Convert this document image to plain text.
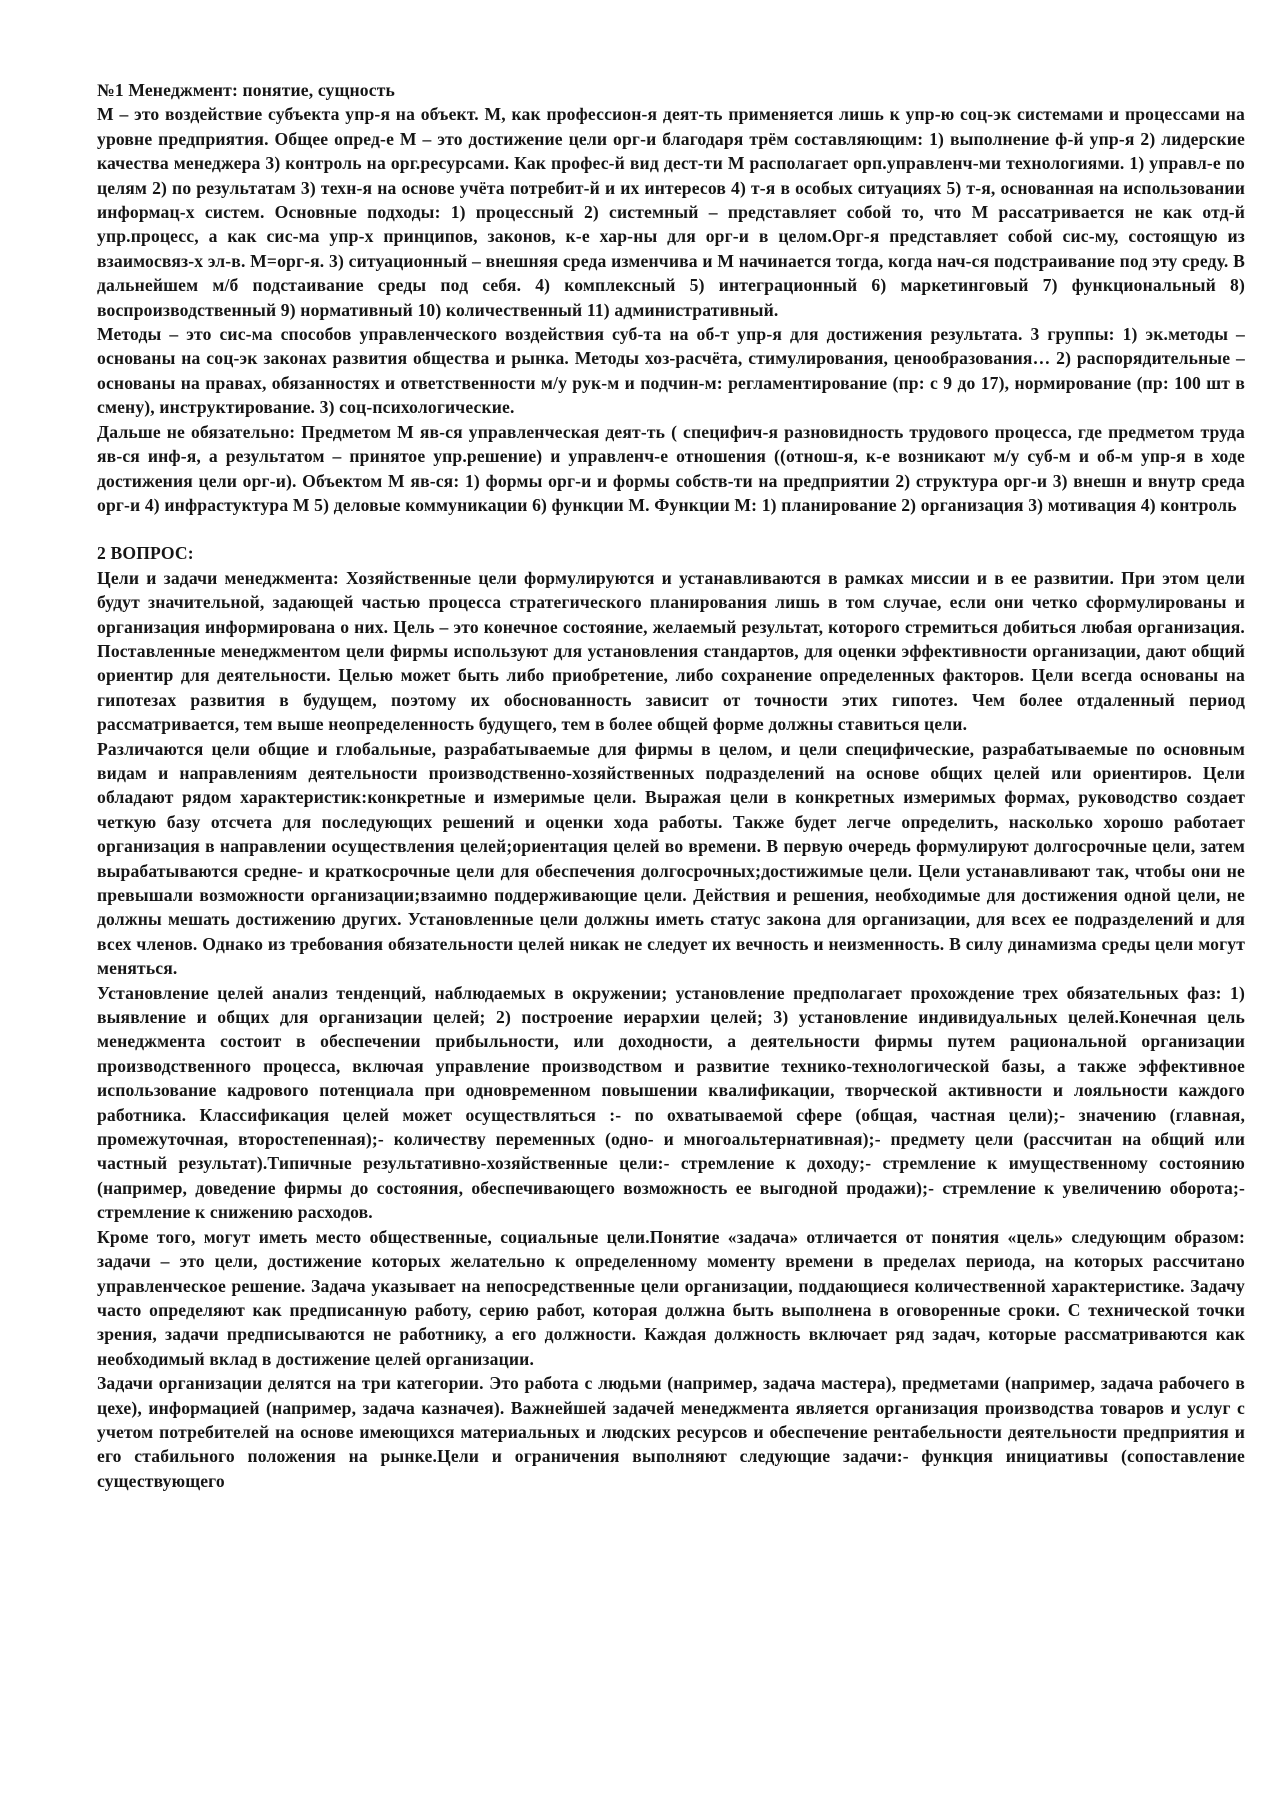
№1 Менеджмент: понятие, сущность

М – это воздействие субъекта упр-я на объект. М, как профессион-я деят-ть применяется лишь к упр-ю соц-эк системами и процессами на уровне предприятия. Общее опред-е М – это достижение цели орг-и благодаря трём составляющим: 1) выполнение ф-й упр-я 2) лидерские качества менеджера 3) контроль на орг.ресурсами. Как профес-й вид дест-ти М располагает орп.управленч-ми технологиями. 1) управл-е по целям 2) по результатам 3) техн-я на основе учёта потребит-й и их интересов 4) т-я в особых ситуациях 5) т-я, основанная на использовании информац-х систем. Основные подходы: 1) процессный 2) системный – представляет собой то, что М рассатривается не как отд-й упр.процесс, а как сис-ма упр-х принципов, законов, к-е хар-ны для орг-и в целом.Орг-я представляет собой сис-му, состоящую из взаимосвяз-х эл-в. М=орг-я. 3) ситуационный – внешняя среда изменчива и М начинается тогда, когда нач-ся подстраивание под эту среду. В дальнейшем м/б подстаивание среды под себя. 4) комплексный 5) интеграционный 6) маркетинговый 7) функциональный 8) воспроизводственный 9) нормативный 10) количественный 11) административный.

Методы – это сис-ма способов управленческого воздействия суб-та на об-т упр-я для достижения результата. 3 группы: 1) эк.методы – основаны на соц-эк законах развития общества и рынка. Методы хоз-расчёта, стимулирования, ценообразования… 2) распорядительные – основаны на правах, обязанностях и ответственности м/у рук-м и подчин-м: регламентирование (пр: с 9 до 17), нормирование (пр: 100 шт в смену), инструктирование. 3) соц-психологические.

Дальше не обязательно: Предметом М яв-ся управленческая деят-ть ( специфич-я разновидность трудового процесса, где предметом труда яв-ся инф-я, а результатом – принятое упр.решение) и управленч-е отношения ((отнош-я, к-е возникают м/у суб-м и об-м упр-я в ходе достижения цели орг-и). Объектом М яв-ся: 1) формы орг-и и формы собств-ти на предприятии 2) структура орг-и 3) внешн и внутр среда орг-и 4) инфрастуктура М 5) деловые коммуникации 6) функции М. Функции М: 1) планирование 2) организация 3) мотивация 4) контроль

2 ВОПРОС:

Цели и задачи менеджмента: Хозяйственные цели формулируются и устанавливаются в рамках миссии и в ее развитии. При этом цели будут значительной, задающей частью процесса стратегического планирования лишь в том случае, если они четко сформулированы и организация информирована о них. Цель – это конечное состояние, желаемый результат, которого стремиться добиться любая организация. Поставленные менеджментом цели фирмы используют для установления стандартов, для оценки эффективности организации, дают общий ориентир для деятельности. Целью может быть либо приобретение, либо сохранение определенных факторов. Цели всегда основаны на гипотезах развития в будущем, поэтому их обоснованность зависит от точности этих гипотез. Чем более отдаленный период рассматривается, тем выше неопределенность будущего, тем в более общей форме должны ставиться цели.

Различаются цели общие и глобальные, разрабатываемые для фирмы в целом, и цели специфические, разрабатываемые по основным видам и направлениям деятельности производственно-хозяйственных подразделений на основе общих целей или ориентиров. Цели обладают рядом характеристик:конкретные и измеримые цели. Выражая цели в конкретных измеримых формах, руководство создает четкую базу отсчета для последующих решений и оценки хода работы. Также будет легче определить, насколько хорошо работает организация в направлении осуществления целей;ориентация целей во времени. В первую очередь формулируют долгосрочные цели, затем вырабатываются средне- и краткосрочные цели для обеспечения долгосрочных;достижимые цели. Цели устанавливают так, чтобы они не превышали возможности организации;взаимно поддерживающие цели. Действия и решения, необходимые для достижения одной цели, не должны мешать достижению других. Установленные цели должны иметь статус закона для организации, для всех ее подразделений и для всех членов. Однако из требования обязательности целей никак не следует их вечность и неизменность. В силу динамизма среды цели могут меняться.

Установление целей анализ тенденций, наблюдаемых в окружении; установление предполагает прохождение трех обязательных фаз: 1) выявление и общих для организации целей; 2) построение иерархии целей; 3) установление индивидуальных целей.Конечная цель менеджмента состоит в обеспечении прибыльности, или доходности, а деятельности фирмы путем рациональной организации производственного процесса, включая управление производством и развитие технико-технологической базы, а также эффективное использование кадрового потенциала при одновременном повышении квалификации, творческой активности и лояльности каждого работника. Классификация целей может осуществляться :- по охватываемой сфере (общая, частная цели);- значению (главная, промежуточная, второстепенная);- количеству переменных (одно- и многоальтернативная);- предмету цели (рассчитан на общий или частный результат).Типичные результативно-хозяйственные цели:- стремление к доходу;- стремление к имущественному состоянию (например, доведение фирмы до состояния, обеспечивающего возможность ее выгодной продажи);- стремление к увеличению оборота;- стремление к снижению расходов.

Кроме того, могут иметь место общественные, социальные цели.Понятие «задача» отличается от понятия «цель» следующим образом: задачи – это цели, достижение которых желательно к определенному моменту времени в пределах периода, на которых рассчитано управленческое решение. Задача указывает на непосредственные цели организации, поддающиеся количественной характеристике. Задачу часто определяют как предписанную работу, серию работ, которая должна быть выполнена в оговоренные сроки. С технической точки зрения, задачи предписываются не работнику, а его должности. Каждая должность включает ряд задач, которые рассматриваются как необходимый вклад в достижение целей организации.

Задачи организации делятся на три категории. Это работа с людьми (например, задача мастера), предметами (например, задача рабочего в цехе), информацией (например, задача казначея). Важнейшей задачей менеджмента является организация производства товаров и услуг с учетом потребителей на основе имеющихся материальных и людских ресурсов и обеспечение рентабельности деятельности предприятия и его стабильного положения на рынке.Цели и ограничения выполняют следующие задачи:- функция инициативы (сопоставление существующего
